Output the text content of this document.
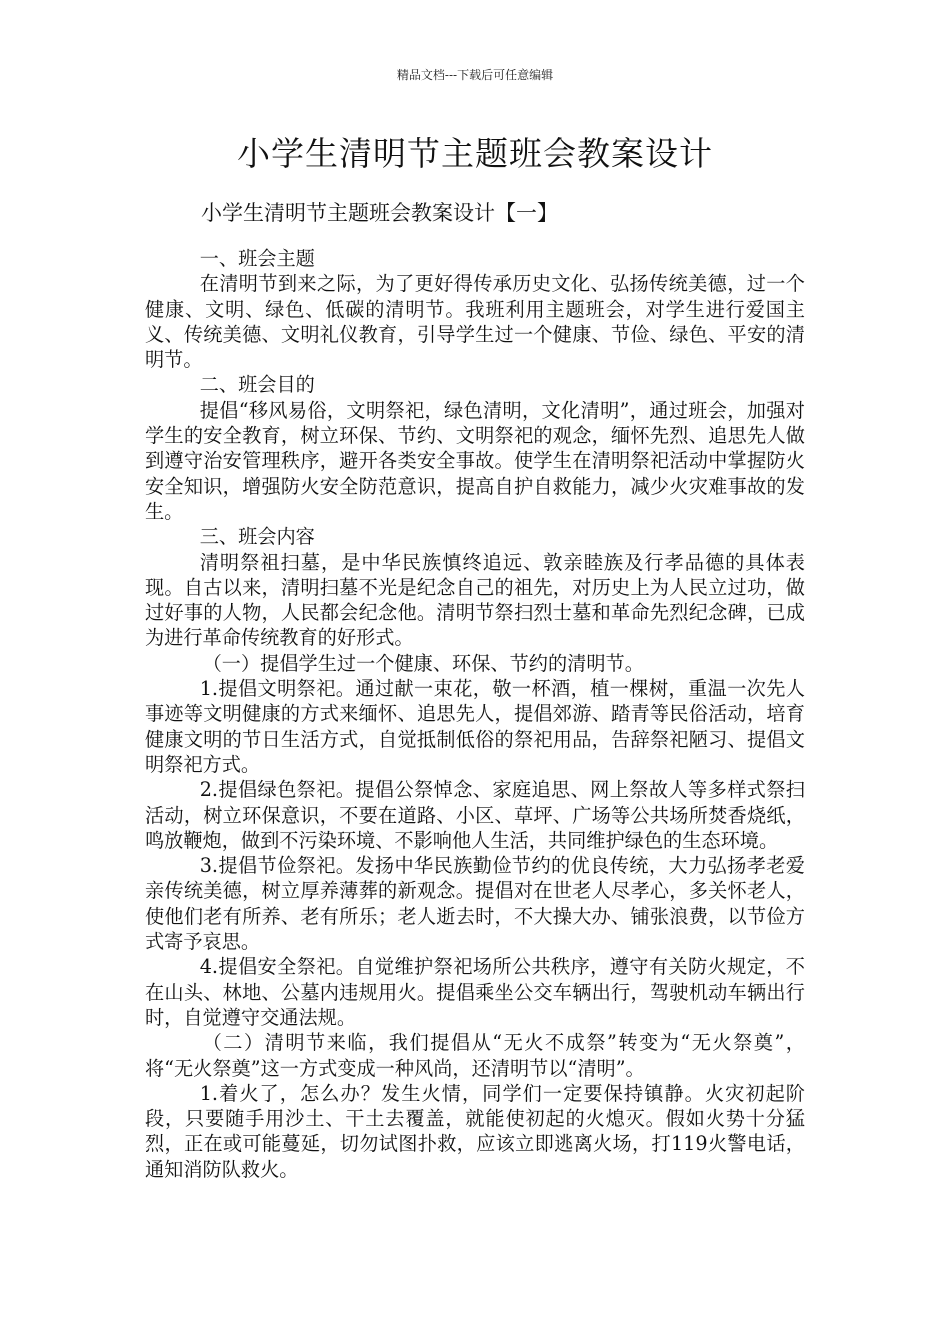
精品文档---下载后可任意编辑
小学生清明节主题班会教案设计
小学生清明节主题班会教案设计【一】

一、班会主题

在清明节到来之际，为了更好得传承历史文化、弘扬传统美德，过一个健康、文明、绿色、低碳的清明节。我班利用主题班会，对学生进行爱国主义、传统美德、文明礼仪教育，引导学生过一个健康、节俭、绿色、平安的清明节。

二、班会目的

提倡“移风易俗，文明祭祀，绿色清明，文化清明”，通过班会，加强对学生的安全教育，树立环保、节约、文明祭祀的观念，缅怀先烈、追思先人做到遵守治安管理秩序，避开各类安全事故。使学生在清明祭祀活动中掌握防火安全知识，增强防火安全防范意识，提高自护自救能力，减少火灾难事故的发生。

三、班会内容

清明祭祖扫墓，是中华民族慎终追远、敦亲睦族及行孝品德的具体表现。自古以来，清明扫墓不光是纪念自己的祖先，对历史上为人民立过功，做过好事的人物，人民都会纪念他。清明节祭扫烈士墓和革命先烈纪念碑，已成为进行革命传统教育的好形式。

（一）提倡学生过一个健康、环保、节约的清明节。

1.提倡文明祭祀。通过献一束花，敬一杯酒，植一棵树，重温一次先人事迹等文明健康的方式来缅怀、追思先人，提倡郊游、踏青等民俗活动，培育健康文明的节日生活方式，自觉抵制低俗的祭祀用品，告辞祭祀陋习、提倡文明祭祀方式。

2.提倡绿色祭祀。提倡公祭悼念、家庭追思、网上祭故人等多样式祭扫活动，树立环保意识，不要在道路、小区、草坪、广场等公共场所焚香烧纸，鸣放鞭炮，做到不污染环境、不影响他人生活，共同维护绿色的生态环境。

3.提倡节俭祭祀。发扬中华民族勤俭节约的优良传统，大力弘扬孝老爱亲传统美德，树立厚养薄葬的新观念。提倡对在世老人尽孝心，多关怀老人，使他们老有所养、老有所乐；老人逝去时，不大操大办、铺张浪费，以节俭方式寄予哀思。

4.提倡安全祭祀。自觉维护祭祀场所公共秩序，遵守有关防火规定，不在山头、林地、公墓内违规用火。提倡乘坐公交车辆出行，驾驶机动车辆出行时，自觉遵守交通法规。

（二）清明节来临，我们提倡从“无火不成祭”转变为“无火祭奠”，将“无火祭奠”这一方式变成一种风尚，还清明节以“清明”。

1.着火了，怎么办？发生火情，同学们一定要保持镇静。火灾初起阶段，只要随手用沙土、干土去覆盖，就能使初起的火熄灭。假如火势十分猛烈，正在或可能蔓延，切勿试图扑救，应该立即逃离火场，打119火警电话，通知消防队救火。
